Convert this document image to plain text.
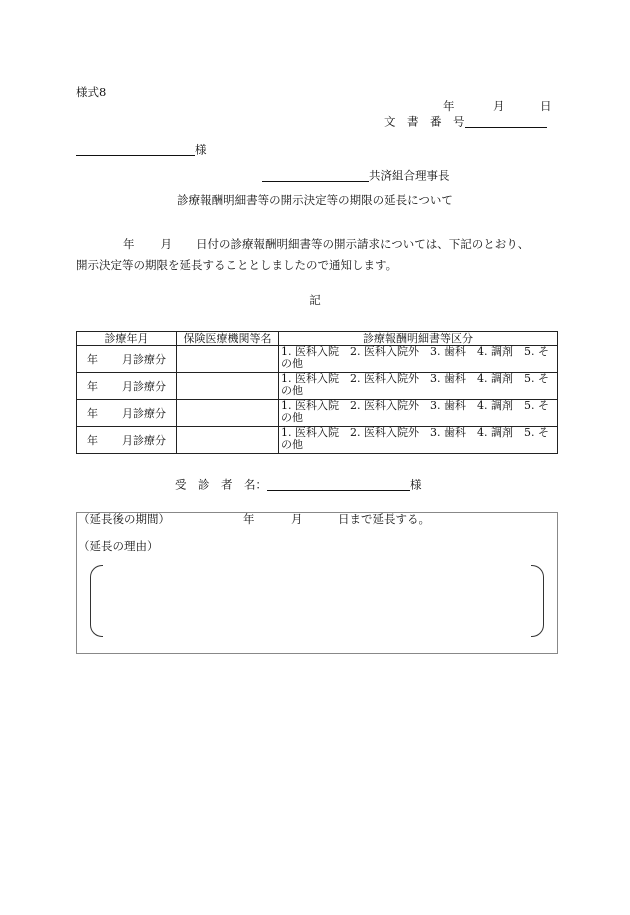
様式8
年	月	日
文　書　番　号
様
共済組合理事長
診療報酬明細書等の開示決定等の期限の延長について
年 月 日付の診療報酬明細書等の開示請求については、下記のとおり、
開示決定等の期限を延長することとしましたので通知します。
記
診療年月	保険医療機関等名	診療報酬明細書等区分
年 月診療分		1. 医科入院　2. 医科入院外　3. 歯科　4. 調剤　5. その他
年 月診療分		1. 医科入院　2. 医科入院外　3. 歯科　4. 調剤　5. その他
年 月診療分		1. 医科入院　2. 医科入院外　3. 歯科　4. 調剤　5. その他
年 月診療分		1. 医科入院　2. 医科入院外　3. 歯科　4. 調剤　5. その他
受　診　者　名：	様
（延長後の期間）	年	月	日まで延長する。
（延長の理由）
